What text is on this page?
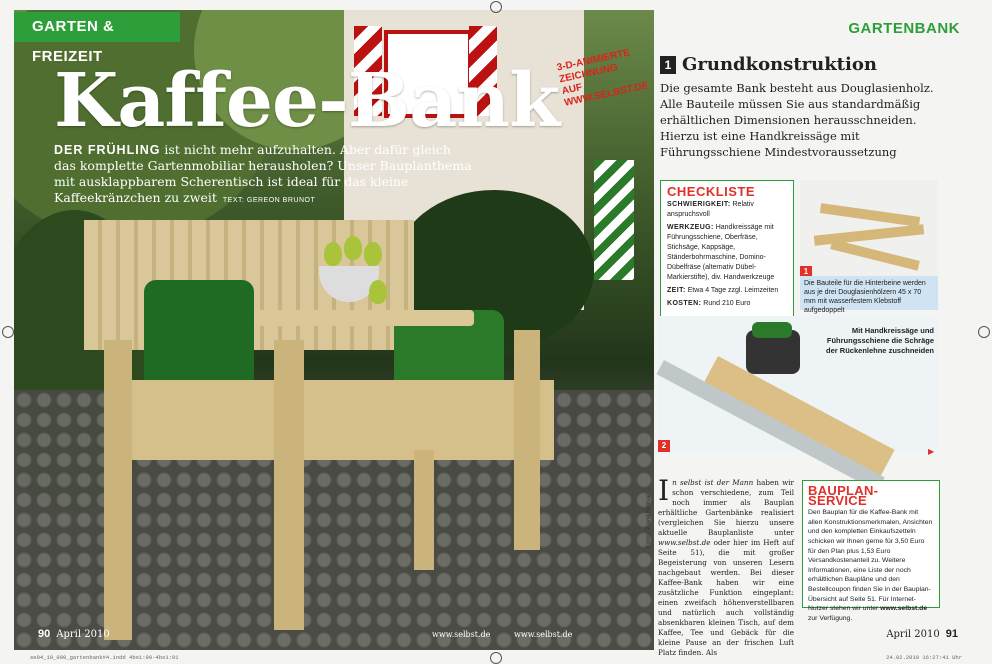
GARTEN & FREIZEIT
Kaffee-Bank
DER FRÜHLING ist nicht mehr aufzuhalten. Aber dafür gleich das komplette Gartenmobiliar herausholen? Unser Bauplanthema mit ausklappbarem Scherentisch ist ideal für das kleine Kaffeekränzchen zu zweit TEXT: GEREON BRUNOT
3-D-ANIMIERTE ZEICHNUNG AUF WWW.SELBST.DE
90 April 2010	www.selbst.de	www.selbst.de
GARTENBANK
1 Grundkonstruktion
Die gesamte Bank besteht aus Douglasienholz. Alle Bauteile müssen Sie aus standardmäßig erhältlichen Dimensionen herausschneiden. Hierzu ist eine Handkreissäge mit Führungsschiene Mindestvoraussetzung
CHECKLISTE

SCHWIERIGKEIT: Relativ anspruchsvoll

WERKZEUG: Handkreissäge mit Führungsschiene, Oberfräse, Stichsäge, Kappsäge, Ständerbohrmaschine, Domino-Dübelfräse (alternativ Dübel-Markierstifte), div. Handwerkzeuge

ZEIT: Etwa 4 Tage zzgl. Leimzeiten

KOSTEN: Rund 210 Euro

1
Die Bauteile für die Hinterbeine werden aus je drei Douglasienhölzern 45 x 70 mm mit wasserfestem Klebstoff aufgedoppelt
Mit Handkreissäge und Führungsschiene die Schräge der Rückenlehne zuschneiden
2
▶
In selbst ist der Mann haben wir schon verschiedene, zum Teil noch immer als Bauplan erhältliche Gartenbänke realisiert (vergleichen Sie hierzu unsere aktuelle Bauplanliste unter www.selbst.de oder hier im Heft auf Seite 51), die mit großer Begeisterung von unseren Lesern nachgebaut werden. Bei dieser Kaffee-Bank haben wir eine zusätzliche Funktion eingeplant: einen zweifach höhenverstellbaren und natürlich auch vollständig absenkbaren kleinen Tisch, auf dem Kaffee, Tee und Gebäck für die kleine Pause an der frischen Luft Platz finden. Als
Fotos: Pavel Smrsal
BAUPLAN-SERVICE
Den Bauplan für die Kaffee-Bank mit allen Konstruktionsmerkmalen, Ansichten und den kompletten Einkaufszetteln schicken wir Ihnen gerne für 3,50 Euro für den Plan plus 1,53 Euro Versandkostenanteil zu. Weitere Informationen, eine Liste der noch erhältlichen Baupläne und den Bestellcoupon finden Sie in der Bauplan-Übersicht auf Seite 51. Für Internet-Nutzer stehen wir unter www.selbst.de zur Verfügung.
April 2010 91
se04_10_090_gartenbank#4.indd 4bs1:90-4bs1:91	24.02.2010 16:27:41 Uhr
